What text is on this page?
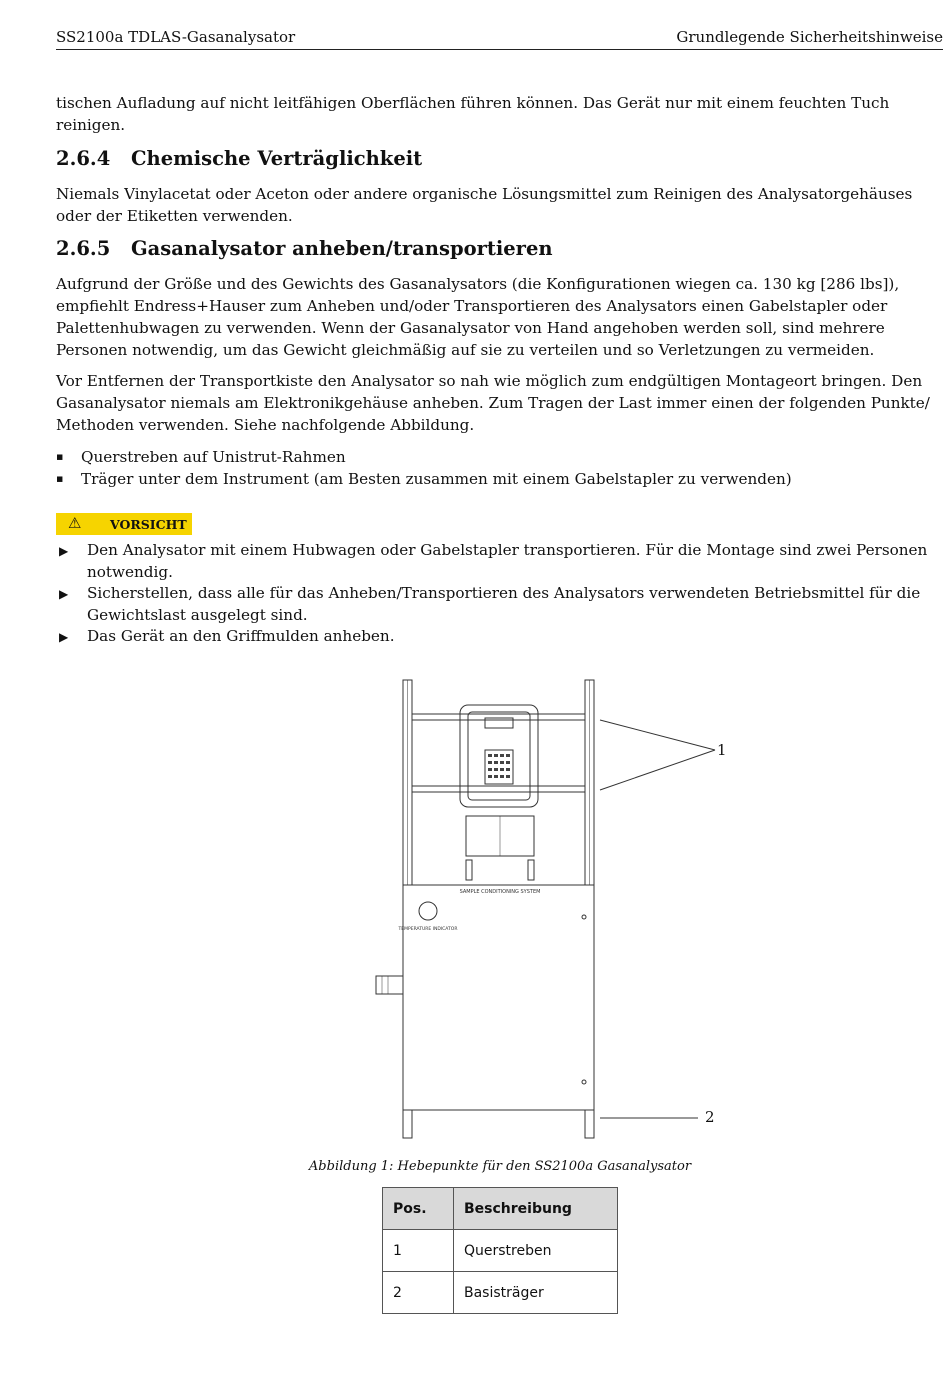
SS2100a TDLAS-Gasanalysator	Grundlegende Sicherheitshinweise

tischen Aufladung auf nicht leitfähigen Oberflächen führen können. Das Gerät nur mit einem feuchten Tuch reinigen.

2.6.4 Chemische Verträglichkeit

Niemals Vinylacetat oder Aceton oder andere organische Lösungsmittel zum Reinigen des Analysatorgehäuses oder der Etiketten verwenden.

2.6.5 Gasanalysator anheben/transportieren

Aufgrund der Größe und des Gewichts des Gasanalysators (die Konfigurationen wiegen ca. 130 kg [286 lbs]), empfiehlt Endress+Hauser zum Anheben und/oder Transportieren des Analysators einen Gabelstapler oder Palettenhubwagen zu verwenden. Wenn der Gasanalysator von Hand angehoben werden soll, sind mehrere Personen notwendig, um das Gewicht gleichmäßig auf sie zu verteilen und so Verletzungen zu vermeiden.

Vor Entfernen der Transportkiste den Analysator so nah wie möglich zum endgültigen Montageort bringen. Den Gasanalysator niemals am Elektronikgehäuse anheben. Zum Tragen der Last immer einen der folgenden Punkte/ Methoden verwenden. Siehe nachfolgende Abbildung.

▪ Querstreben auf Unistrut-Rahmen
▪ Träger unter dem Instrument (am Besten zusammen mit einem Gabelstapler zu verwenden)
⚠ VORSICHT
▶ Den Analysator mit einem Hubwagen oder Gabelstapler transportieren. Für die Montage sind zwei Personen notwendig.
▶ Sicherstellen, dass alle für das Anheben/Transportieren des Analysators verwendeten Betriebsmittel für die Gewichtslast ausgelegt sind.
▶ Das Gerät an den Griffmulden anheben.
SAMPLE CONDITIONING SYSTEM
TEMPERATURE INDICATOR
1
2
Abbildung 1: Hebepunkte für den SS2100a Gasanalysator
Pos.	Beschreibung
1	Querstreben
2	Basisträger
